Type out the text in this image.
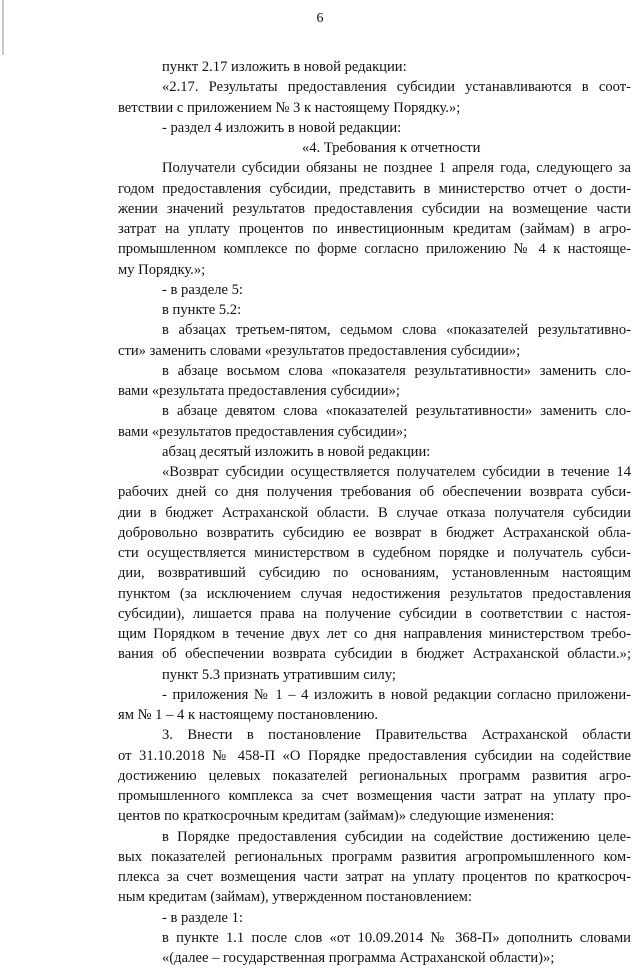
6
пункт 2.17 изложить в новой редакции:
«2.17. Результаты предоставления субсидии устанавливаются в соот-
ветствии с приложением № 3 к настоящему Порядку.»;
- раздел 4 изложить в новой редакции:
«4. Требования к отчетности
Получатели субсидии обязаны не позднее 1 апреля года, следующего за
годом предоставления субсидии, представить в министерство отчет о дости-
жении значений результатов предоставления субсидии на возмещение части
затрат на уплату процентов по инвестиционным кредитам (займам) в агро-
промышленном комплексе по форме согласно приложению № 4 к настояще-
му Порядку.»;
- в разделе 5:
в пункте 5.2:
в абзацах третьем-пятом, седьмом слова «показателей результативно-
сти» заменить словами «результатов предоставления субсидии»;
в абзаце восьмом слова «показателя результативности» заменить сло-
вами «результата предоставления субсидии»;
в абзаце девятом слова «показателей результативности» заменить сло-
вами «результатов предоставления субсидии»;
абзац десятый изложить в новой редакции:
«Возврат субсидии осуществляется получателем субсидии в течение 14
рабочих дней со дня получения требования об обеспечении возврата субси-
дии в бюджет Астраханской области. В случае отказа получателя субсидии
добровольно возвратить субсидию ее возврат в бюджет Астраханской обла-
сти осуществляется министерством в судебном порядке и получатель субси-
дии, возвративший субсидию по основаниям, установленным настоящим
пунктом (за исключением случая недостижения результатов предоставления
субсидии), лишается права на получение субсидии в соответствии с настоя-
щим Порядком в течение двух лет со дня направления министерством требо-
вания об обеспечении возврата субсидии в бюджет Астраханской области.»;
пункт 5.3 признать утратившим силу;
- приложения № 1 – 4 изложить в новой редакции согласно приложени-
ям № 1 – 4 к настоящему постановлению.
3. Внести в постановление Правительства Астраханской области
от 31.10.2018 № 458-П «О Порядке предоставления субсидии на содействие
достижению целевых показателей региональных программ развития агро-
промышленного комплекса за счет возмещения части затрат на уплату про-
центов по краткосрочным кредитам (займам)» следующие изменения:
в Порядке предоставления субсидии на содействие достижению целе-
вых показателей региональных программ развития агропромышленного ком-
плекса за счет возмещения части затрат на уплату процентов по краткосроч-
ным кредитам (займам), утвержденном постановлением:
- в разделе 1:
в пункте 1.1 после слов «от 10.09.2014 № 368-П» дополнить словами
«(далее – государственная программа Астраханской области)»;
